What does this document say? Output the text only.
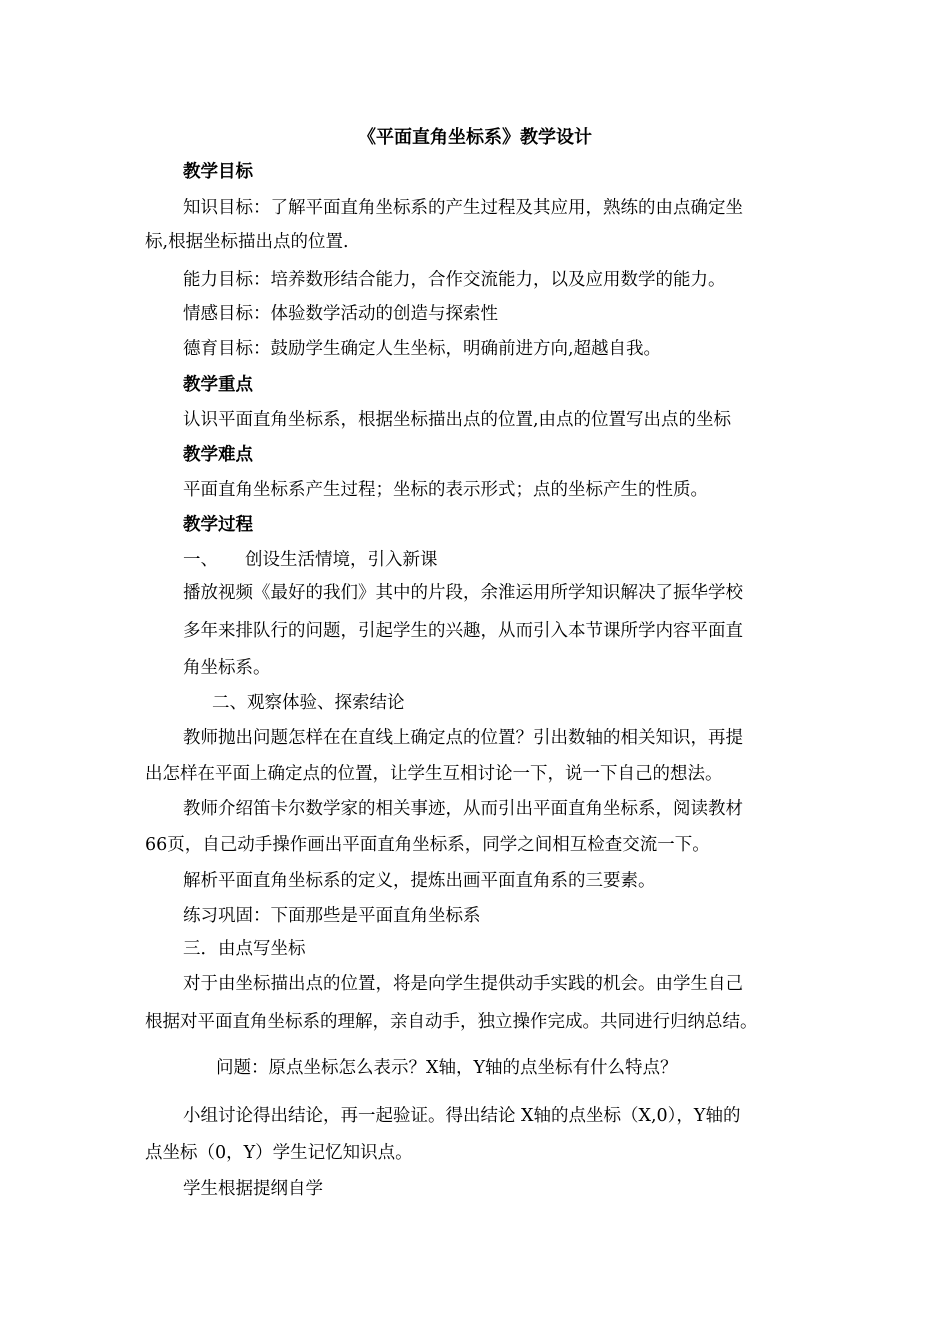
《平面直角坐标系》教学设计
教学目标
知识目标：了解平面直角坐标系的产生过程及其应用，熟练的由点确定坐
标,根据坐标描出点的位置.
能力目标：培养数形结合能力，合作交流能力，以及应用数学的能力。
情感目标：体验数学活动的创造与探索性
德育目标：鼓励学生确定人生坐标，明确前进方向,超越自我。
教学重点
认识平面直角坐标系，根据坐标描出点的位置,由点的位置写出点的坐标
教学难点
平面直角坐标系产生过程；坐标的表示形式；点的坐标产生的性质。
教学过程
一、 创设生活情境，引入新课
播放视频《最好的我们》其中的片段，余淮运用所学知识解决了振华学校
多年来排队行的问题，引起学生的兴趣，从而引入本节课所学内容平面直
角坐标系。
二、观察体验、探索结论
教师抛出问题怎样在在直线上确定点的位置？引出数轴的相关知识，再提
出怎样在平面上确定点的位置，让学生互相讨论一下，说一下自己的想法。
教师介绍笛卡尔数学家的相关事迹，从而引出平面直角坐标系，阅读教材
66页，自己动手操作画出平面直角坐标系，同学之间相互检查交流一下。
解析平面直角坐标系的定义，提炼出画平面直角系的三要素。
练习巩固：下面那些是平面直角坐标系
三．由点写坐标
对于由坐标描出点的位置，将是向学生提供动手实践的机会。由学生自己
根据对平面直角坐标系的理解，亲自动手，独立操作完成。共同进行归纳总结。
问题：原点坐标怎么表示？X轴，Y轴的点坐标有什么特点？
小组讨论得出结论，再一起验证。得出结论 X轴的点坐标（X,0），Y轴的
点坐标（0，Y）学生记忆知识点。
学生根据提纲自学
